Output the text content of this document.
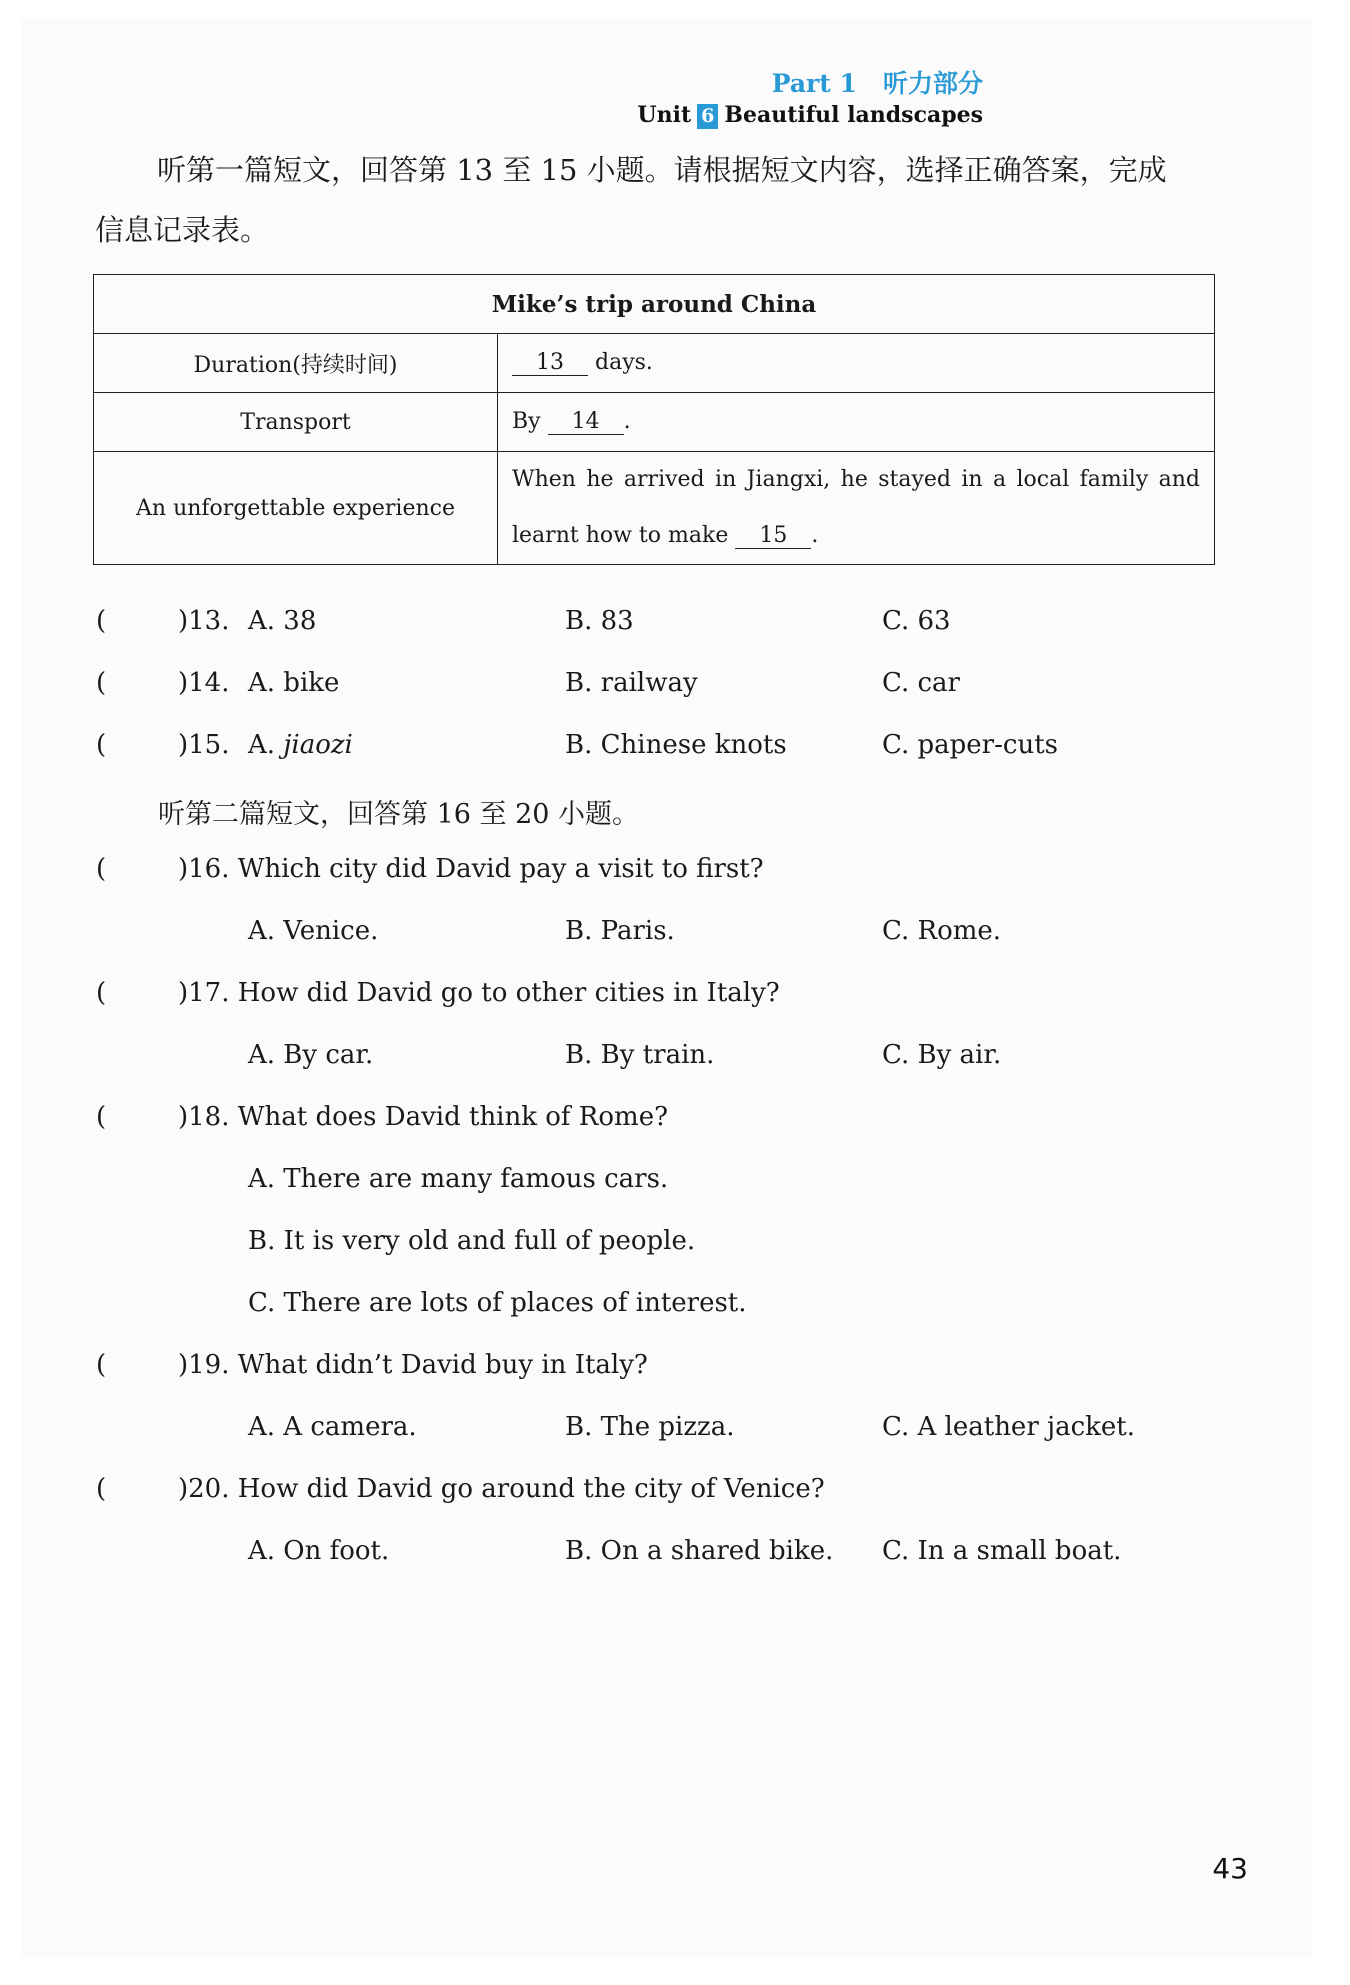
Part 1 听力部分
Unit 6 Beautiful landscapes
听第一篇短文，回答第 13 至 15 小题。请根据短文内容，选择正确答案，完成
信息记录表。
Mike’s trip around China	
Duration(持续时间)	13 days.
Transport	By 14 .
An unforgettable experience	When he arrived in Jiangxi, he stayed in a local family and
learnt how to make 15 .
(	)13. A. 38	B. 83	C. 63
(	)14. A. bike	B. railway	C. car
(	)15. A. jiaozi	B. Chinese knots	C. paper-cuts
听第二篇短文，回答第 16 至 20 小题。
(	)16. Which city did David pay a visit to first?
A. Venice.	B. Paris.	C. Rome.
(	)17. How did David go to other cities in Italy?
A. By car.	B. By train.	C. By air.
(	)18. What does David think of Rome?
A. There are many famous cars.
B. It is very old and full of people.
C. There are lots of places of interest.
(	)19. What didn’t David buy in Italy?
A. A camera.	B. The pizza.	C. A leather jacket.
(	)20. How did David go around the city of Venice?
A. On foot.	B. On a shared bike. C. In a small boat.
43
